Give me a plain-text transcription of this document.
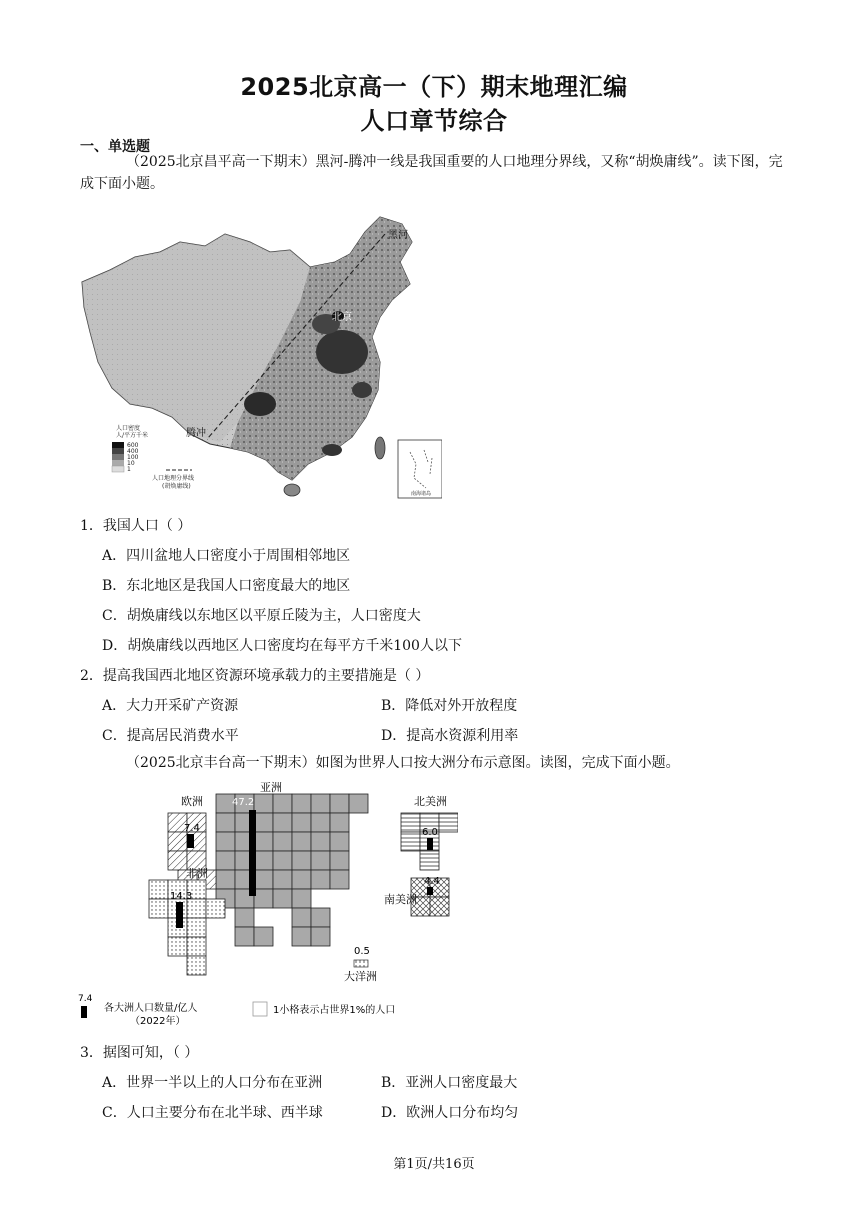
2025北京高一（下）期末地理汇编
人口章节综合
一、单选题
（2025北京昌平高一下期末）黑河-腾冲一线是我国重要的人口地理分界线，又称“胡焕庸线”。读下图，完成下面小题。
黑河
北京
腾冲
人口密度
人/平方千米
600
400
100
10
1
人口地理分界线
(胡焕庸线)
南海诸岛
1．我国人口（ ）
A．四川盆地人口密度小于周围相邻地区
B．东北地区是我国人口密度最大的地区
C．胡焕庸线以东地区以平原丘陵为主，人口密度大
D．胡焕庸线以西地区人口密度均在每平方千米100人以下
2．提高我国西北地区资源环境承载力的主要措施是（ ）
A．大力开采矿产资源	B．降低对外开放程度
C．提高居民消费水平	D．提高水资源利用率
（2025北京丰台高一下期末）如图为世界人口按大洲分布示意图。读图，完成下面小题。
亚洲
47.2
欧洲
7.4
非洲
14.3
北美洲
6.0
南美洲
4.4
0.5
大洋洲
7.4
各大洲人口数量/亿人
（2022年）
1小格表示占世界1%的人口
3．据图可知，（ ）
A．世界一半以上的人口分布在亚洲	B．亚洲人口密度最大
C．人口主要分布在北半球、西半球	D．欧洲人口分布均匀
第1页/共16页
